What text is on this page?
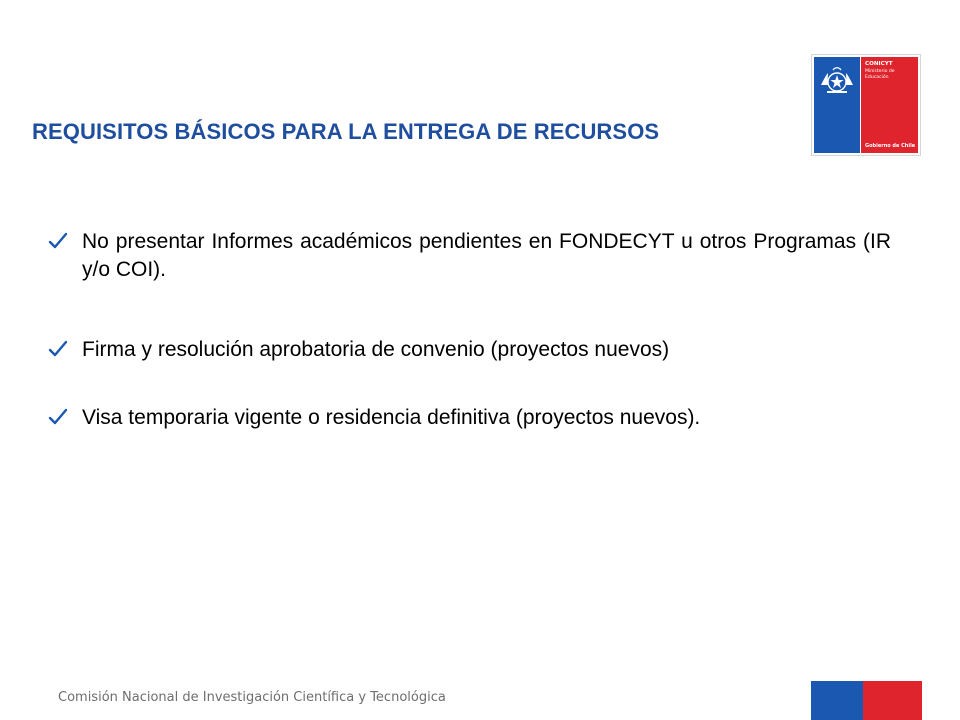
REQUISITOS BÁSICOS PARA LA ENTREGA DE RECURSOS
CONICYT
Ministerio de
Educación
Gobierno de Chile
No presentar Informes académicos pendientes en FONDECYT u otros Programas (IR y/o COI).
Firma y resolución aprobatoria de convenio (proyectos nuevos)
Visa temporaria vigente o residencia definitiva (proyectos nuevos).
Comisión Nacional de Investigación Científica y Tecnológica
